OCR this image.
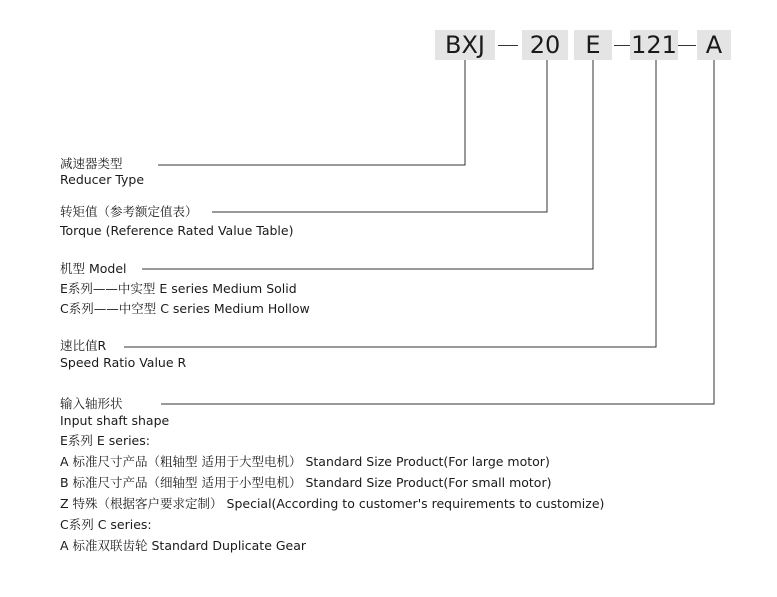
BXJ	20	E	121	A
减速器类型
Reducer Type
转矩值（参考额定值表）
Torque (Reference Rated Value Table)
机型 Model
E系列——中实型 E series Medium Solid
C系列——中空型 C series Medium Hollow
速比值R
Speed Ratio Value R
输入轴形状
Input shaft shape
E系列 E series:
A 标准尺寸产品（粗轴型 适用于大型电机） Standard Size Product(For large motor)
B 标准尺寸产品（细轴型 适用于小型电机） Standard Size Product(For small motor)
Z 特殊（根据客户要求定制） Special(According to customer's requirements to customize)
C系列 C series:
A 标准双联齿轮 Standard Duplicate Gear
